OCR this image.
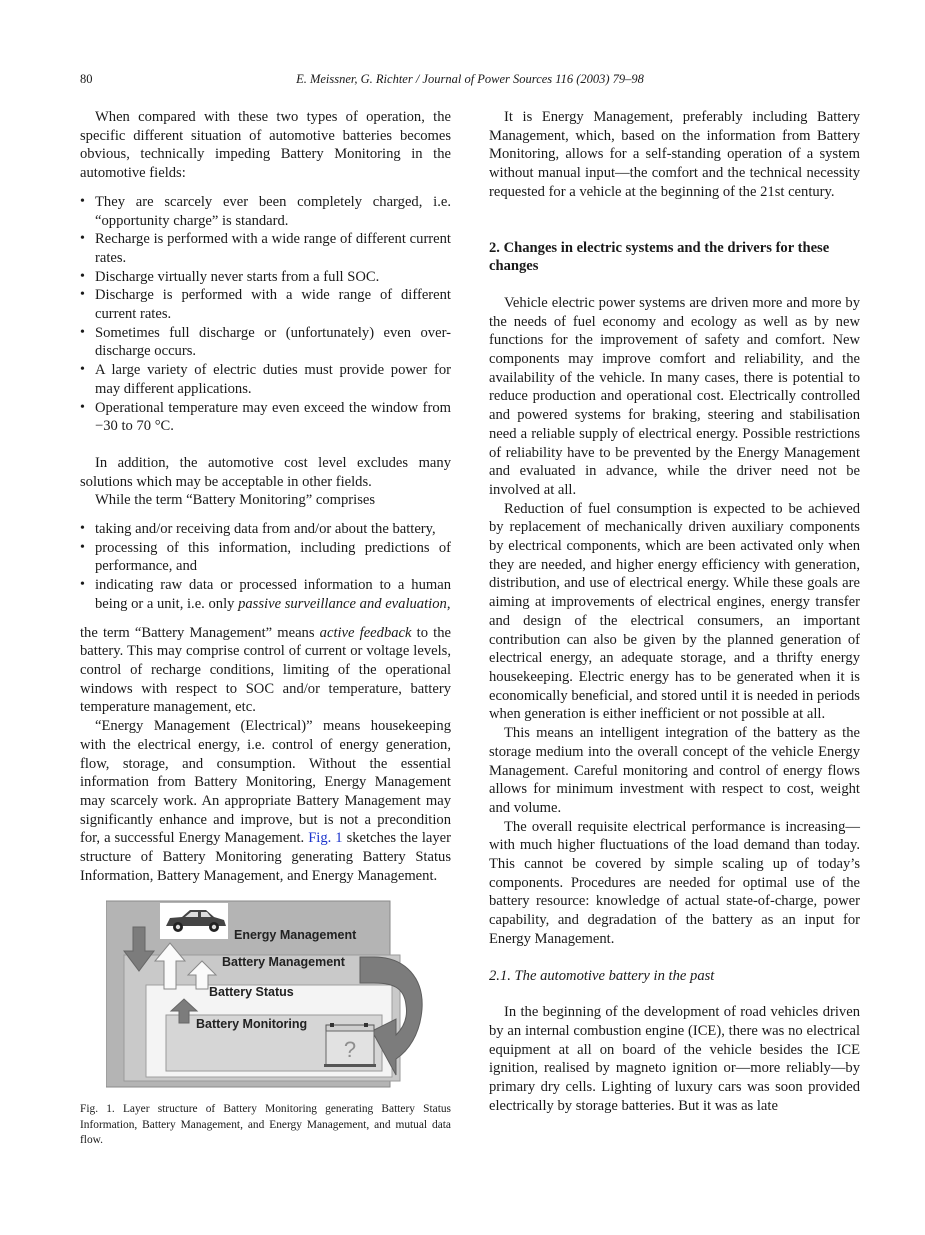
80	E. Meissner, G. Richter / Journal of Power Sources 116 (2003) 79–98

When compared with these two types of operation, the specific different situation of automotive batteries becomes obvious, technically impeding Battery Monitoring in the automotive fields:

• They are scarcely ever been completely charged, i.e. “opportunity charge” is standard.
• Recharge is performed with a wide range of different current rates.
• Discharge virtually never starts from a full SOC.
• Discharge is performed with a wide range of different current rates.
• Sometimes full discharge or (unfortunately) even over-discharge occurs.
• A large variety of electric duties must provide power for may different applications.
• Operational temperature may even exceed the window from −30 to 70 °C.

In addition, the automotive cost level excludes many solutions which may be acceptable in other fields.

While the term “Battery Monitoring” comprises

• taking and/or receiving data from and/or about the battery,
• processing of this information, including predictions of performance, and
• indicating raw data or processed information to a human being or a unit, i.e. only passive surveillance and evaluation,

the term “Battery Management” means active feedback to the battery. This may comprise control of current or voltage levels, control of recharge conditions, limiting of the operational windows with respect to SOC and/or temperature, battery temperature management, etc.

“Energy Management (Electrical)” means housekeeping with the electrical energy, i.e. control of energy generation, flow, storage, and consumption. Without the essential information from Battery Monitoring, Energy Management may scarcely work. An appropriate Battery Management may significantly enhance and improve, but is not a precondition for, a successful Energy Management. Fig. 1 sketches the layer structure of Battery Monitoring generating Battery Status Information, Battery Management, and Energy Management.

?
Energy Management
Battery Management
Battery Status
Battery Monitoring

Fig. 1. Layer structure of Battery Monitoring generating Battery Status Information, Battery Management, and Energy Management, and mutual data flow.

It is Energy Management, preferably including Battery Management, which, based on the information from Battery Monitoring, allows for a self-standing operation of a system without manual input—the comfort and the technical necessity requested for a vehicle at the beginning of the 21st century.

2. Changes in electric systems and the drivers for these changes

Vehicle electric power systems are driven more and more by the needs of fuel economy and ecology as well as by new functions for the improvement of safety and comfort. New components may improve comfort and reliability, and the availability of the vehicle. In many cases, there is potential to reduce production and operational cost. Electrically controlled and powered systems for braking, steering and stabilisation need a reliable supply of electrical energy. Possible restrictions of reliability have to be prevented by the Energy Management and evaluated in advance, while the driver need not be involved at all.

Reduction of fuel consumption is expected to be achieved by replacement of mechanically driven auxiliary components by electrical components, which are been activated only when they are needed, and higher energy efficiency with generation, distribution, and use of electrical energy. While these goals are aiming at improvements of electrical engines, energy transfer and design of the electrical consumers, an important contribution can also be given by the planned generation of electrical energy, an adequate storage, and a thrifty energy housekeeping. Electric energy has to be generated when it is economically beneficial, and stored until it is needed in periods when generation is either inefficient or not possible at all.

This means an intelligent integration of the battery as the storage medium into the overall concept of the vehicle Energy Management. Careful monitoring and control of energy flows allows for minimum investment with respect to cost, weight and volume.

The overall requisite electrical performance is increasing—with much higher fluctuations of the load demand than today. This cannot be covered by simple scaling up of today’s components. Procedures are needed for optimal use of the battery resource: knowledge of actual state-of-charge, power capability, and degradation of the battery as an input for Energy Management.

2.1. The automotive battery in the past

In the beginning of the development of road vehicles driven by an internal combustion engine (ICE), there was no electrical equipment at all on board of the vehicle besides the ICE ignition, realised by magneto ignition or—more reliably—by primary dry cells. Lighting of luxury cars was soon provided electrically by storage batteries. But it was as late
